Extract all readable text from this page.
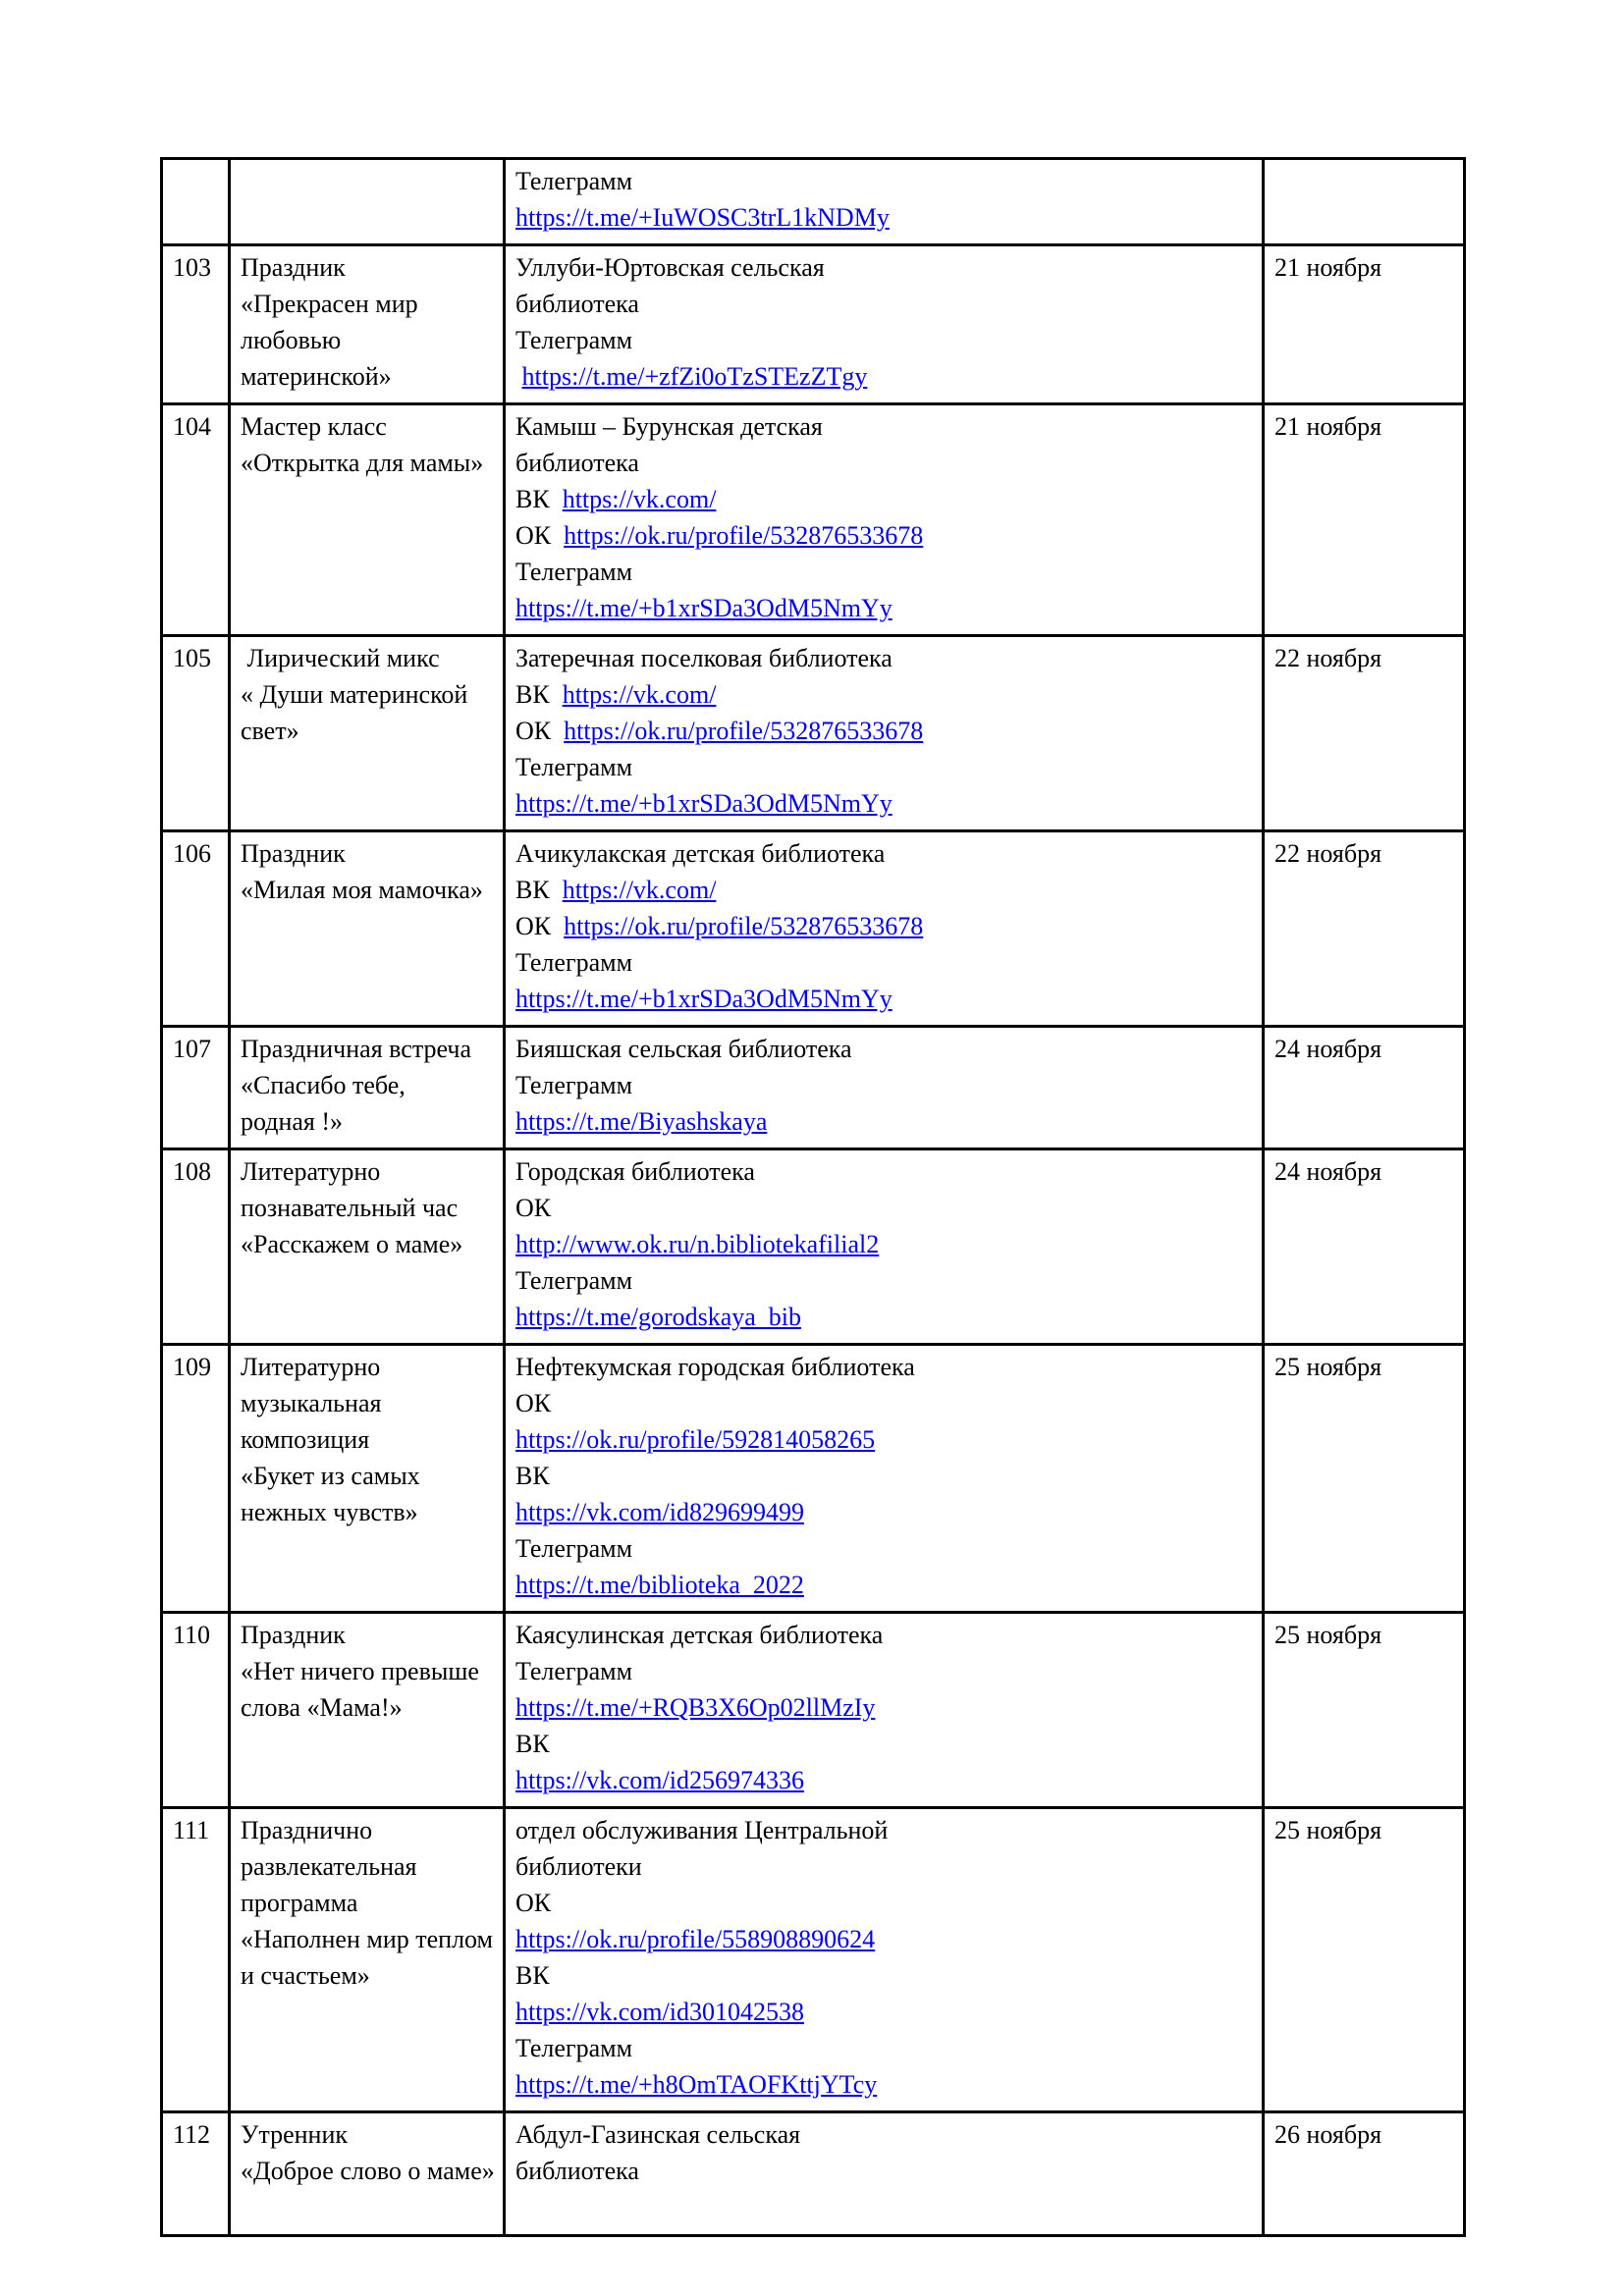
		Телеграмм
https://t.me/+IuWOSC3trL1kNDMy	

103	Праздник
«Прекрасен мир
любовью материнской»

Уллуби-Юртовская сельская
библиотека
Телеграмм
https://t.me/+zfZi0oTzSTEzZTgy

21 ноября

104	Мастер класс
«Открытка для мамы»

Камыш – Бурунская детская
библиотека
ВК  https://vk.com/
ОК  https://ok.ru/profile/532876533678
Телеграмм
https://t.me/+b1xrSDa3OdM5NmYy

21 ноября

105	Лирический микс
« Души материнской
свет»

Затеречная поселковая библиотека
ВК  https://vk.com/
ОК  https://ok.ru/profile/532876533678
Телеграмм
https://t.me/+b1xrSDa3OdM5NmYy

22 ноября

106	Праздник
«Милая моя мамочка»

Ачикулакская детская библиотека
ВК  https://vk.com/
ОК  https://ok.ru/profile/532876533678
Телеграмм
https://t.me/+b1xrSDa3OdM5NmYy

22 ноября

107	Праздничная встреча
«Спасибо тебе,
родная !»

Бияшская сельская библиотека
Телеграмм
https://t.me/Biyashskaya

24 ноября

108	Литературно
познавательный час
«Расскажем о маме»

Городская библиотека
ОК
http://www.ok.ru/n.bibliotekafilial2
Телеграмм
https://t.me/gorodskaya_bib

24 ноября

109	Литературно
музыкальная
композиция
«Букет из самых
нежных чувств»

Нефтекумская городская библиотека
ОК
https://ok.ru/profile/592814058265
ВК
https://vk.com/id829699499
Телеграмм
https://t.me/biblioteka_2022

25 ноября

110	Праздник
«Нет ничего превыше
слова «Мама!»

Каясулинская детская библиотека
Телеграмм
https://t.me/+RQB3X6Op02llMzIy
ВК
https://vk.com/id256974336

25 ноября

111	Празднично
развлекательная
программа
«Наполнен мир теплом
и счастьем»

отдел обслуживания Центральной
библиотеки
ОК
https://ok.ru/profile/558908890624
ВК
https://vk.com/id301042538
Телеграмм
https://t.me/+h8OmTAOFKttjYTcy

25 ноября

112	Утренник
«Доброе слово о маме»

Абдул-Газинская сельская
библиотека

26 ноября
